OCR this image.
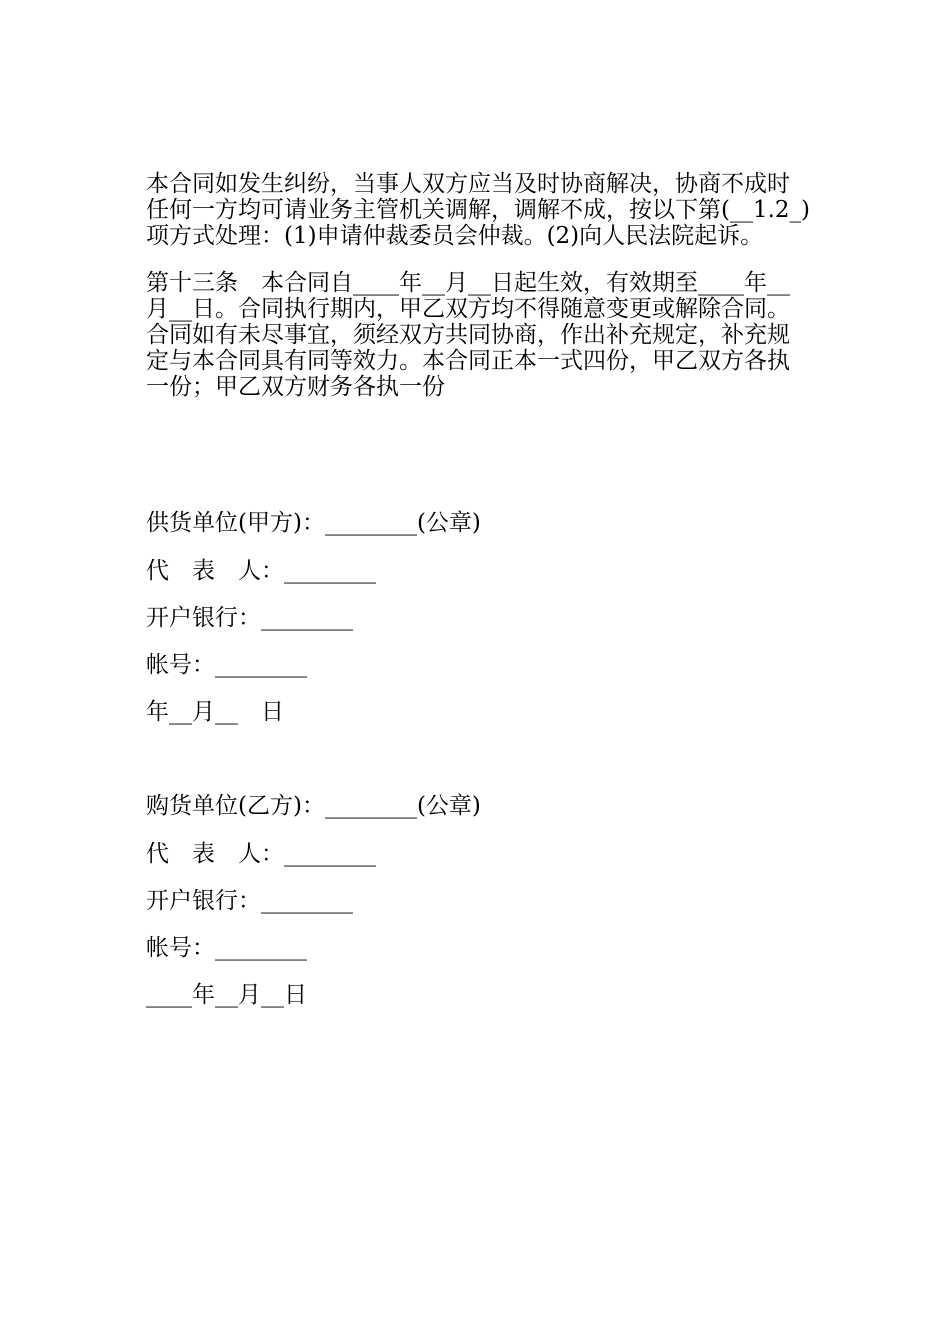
本合同如发生纠纷，当事人双方应当及时协商解决，协商不成时任何一方均可请业务主管机关调解，调解不成，按以下第(__1.2_)项方式处理：(1)申请仲裁委员会仲裁。(2)向人民法院起诉。

第十三条　本合同自____年__月__日起生效，有效期至____年__月__日。合同执行期内，甲乙双方均不得随意变更或解除合同。合同如有未尽事宜，须经双方共同协商，作出补充规定，补充规定与本合同具有同等效力。本合同正本一式四份，甲乙双方各执一份；甲乙双方财务各执一份

供货单位(甲方)：________(公章)

代　表　人：________

开户银行：________

帐号：________

年__月__　日

购货单位(乙方)：________(公章)

代　表　人：________

开户银行：________

帐号：________

____年__月__日
